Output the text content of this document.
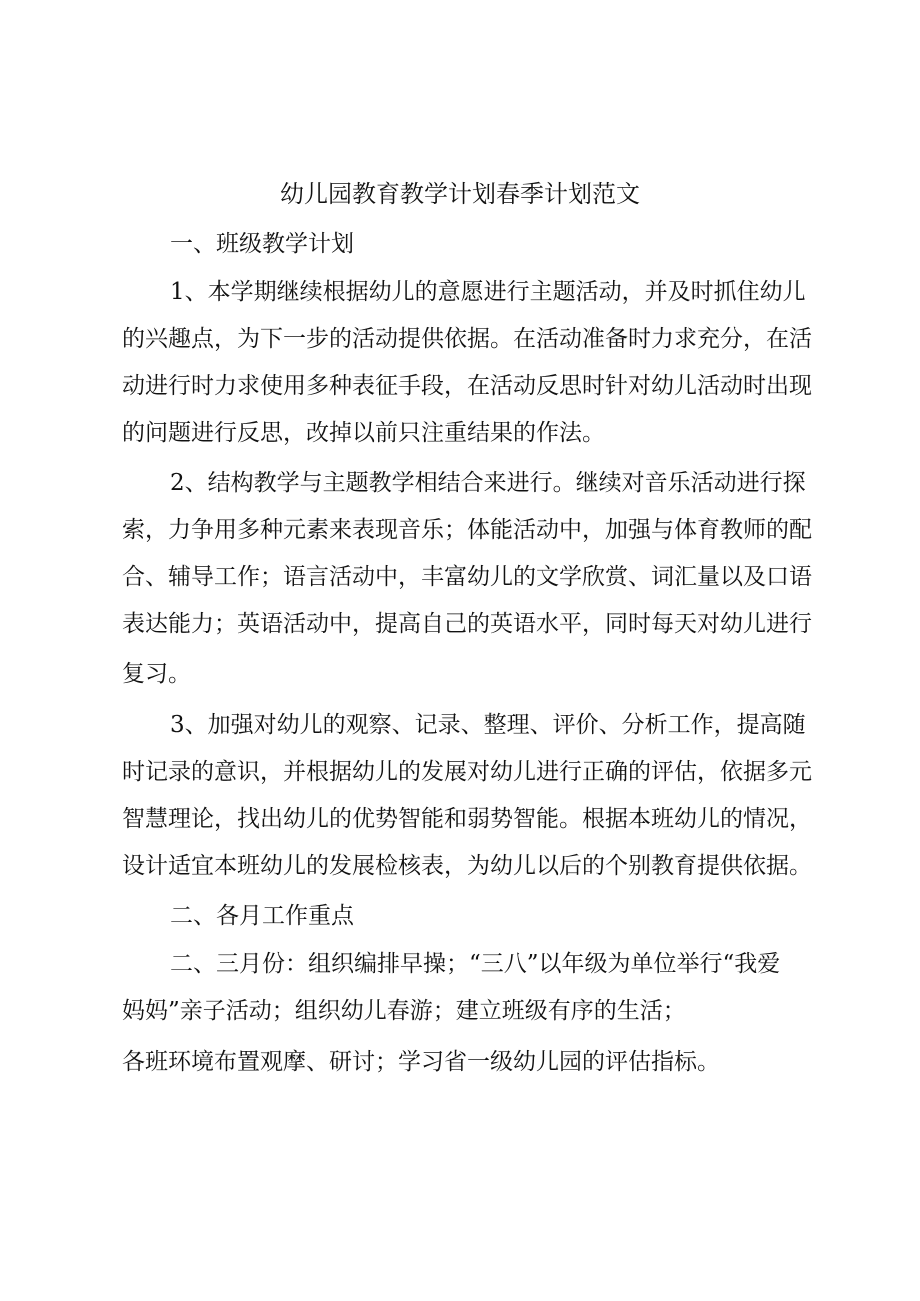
幼儿园教育教学计划春季计划范文
一、班级教学计划
1、本学期继续根据幼儿的意愿进行主题活动，并及时抓住幼儿
的兴趣点，为下一步的活动提供依据。在活动准备时力求充分，在活
动进行时力求使用多种表征手段，在活动反思时针对幼儿活动时出现
的问题进行反思，改掉以前只注重结果的作法。
2、结构教学与主题教学相结合来进行。继续对音乐活动进行探
索，力争用多种元素来表现音乐；体能活动中，加强与体育教师的配
合、辅导工作；语言活动中，丰富幼儿的文学欣赏、词汇量以及口语
表达能力；英语活动中，提高自己的英语水平，同时每天对幼儿进行
复习。
3、加强对幼儿的观察、记录、整理、评价、分析工作，提高随
时记录的意识，并根据幼儿的发展对幼儿进行正确的评估，依据多元
智慧理论，找出幼儿的优势智能和弱势智能。根据本班幼儿的情况，
设计适宜本班幼儿的发展检核表，为幼儿以后的个别教育提供依据。
二、各月工作重点
二、三月份：组织编排早操；“三八”以年级为单位举行“我爱
妈妈”亲子活动；组织幼儿春游；建立班级有序的生活；
各班环境布置观摩、研讨；学习省一级幼儿园的评估指标。
